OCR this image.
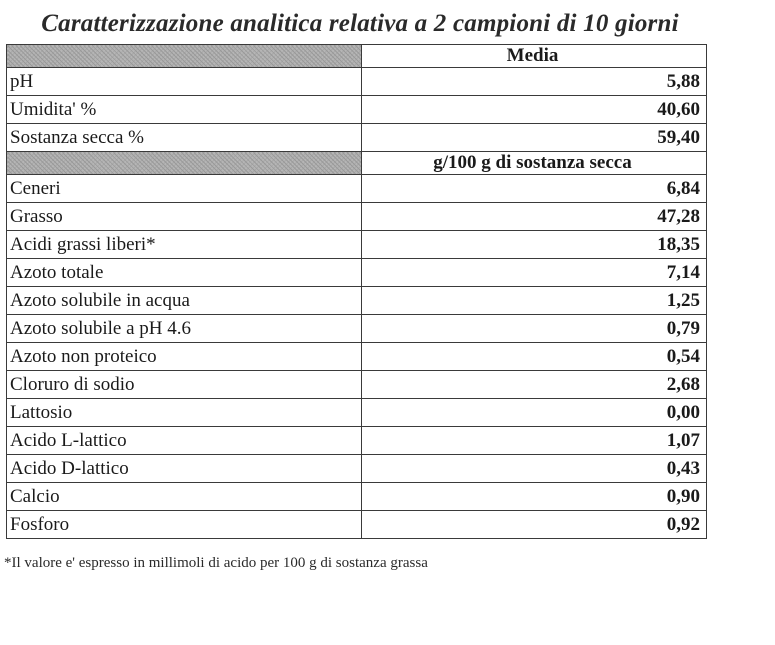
Caratterizzazione analitica relativa a 2 campioni di 10 giorni
	Media
pH	5,88
Umidita' %	40,60
Sostanza secca %	59,40
	g/100 g di sostanza secca
Ceneri	6,84
Grasso	47,28
Acidi grassi liberi*	18,35
Azoto totale	7,14
Azoto solubile in acqua	1,25
Azoto solubile a pH 4.6	0,79
Azoto non proteico	0,54
Cloruro di sodio	2,68
Lattosio	0,00
Acido L-lattico	1,07
Acido D-lattico	0,43
Calcio	0,90
Fosforo	0,92
*Il valore e' espresso in millimoli di acido per 100 g di sostanza grassa
